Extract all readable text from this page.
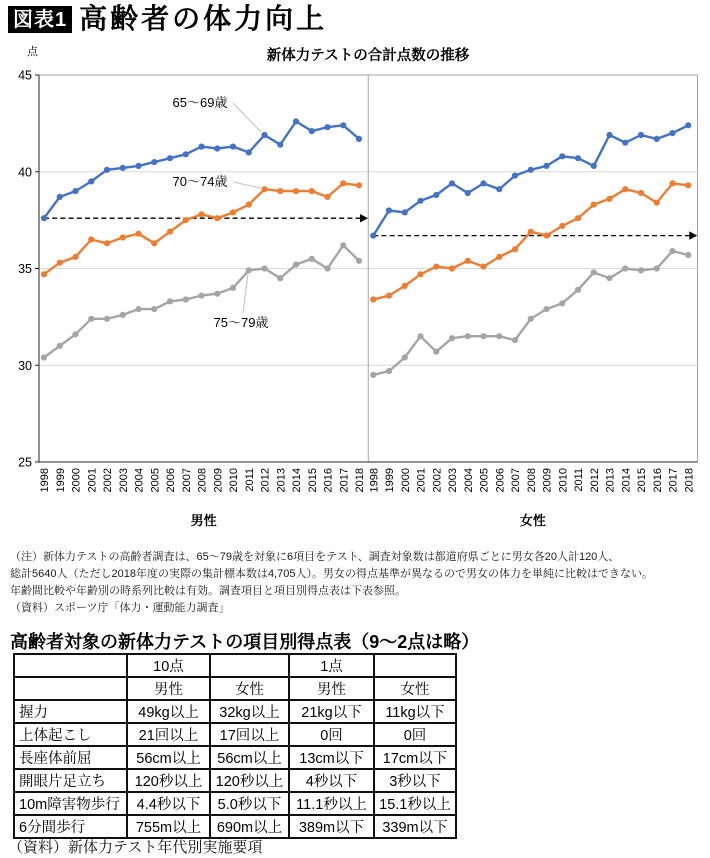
図表1 高齢者の体力向上
新体力テストの合計点数の推移
点
45
40
35
30
25
1998 1999 2000 2001 2002 2003 2004 2005 2006 2007 2008 2009 2010 2011 2012 2013 2014 2015 2016 2017 2018
男性
1998 1999 2000 2001 2002 2003 2004 2005 2006 2007 2008 2009 2010 2011 2012 2013 2014 2015 2016 2017 2018
女性
65〜69歳
70〜74歳
75〜79歳
（注）新体力テストの高齢者調査は、65〜79歳を対象に6項目をテスト、調査対象数は都道府県ごとに男女各20人計120人、
総計5640人（ただし2018年度の実際の集計標本数は4,705人）。男女の得点基準が異なるので男女の体力を単純に比較はできない。
年齢間比較や年齢別の時系列比較は有効。調査項目と項目別得点表は下表参照。
（資料）スポーツ庁「体力・運動能力調査」
高齢者対象の新体力テストの項目別得点表（9〜2点は略）
	10点		1点	
	男性	女性	男性	女性
握力	49kg以上	32kg以上	21kg以下	11kg以下
上体起こし	21回以上	17回以上	0回	0回
長座体前屈	56cm以上	56cm以上	13cm以下	17cm以下
開眼片足立ち	120秒以上	120秒以上	4秒以下	3秒以下
10m障害物歩行	4.4秒以下	5.0秒以下	11.1秒以上	15.1秒以上
6分間歩行	755m以上	690m以上	389m以下	339m以下
（資料）新体力テスト年代別実施要項
